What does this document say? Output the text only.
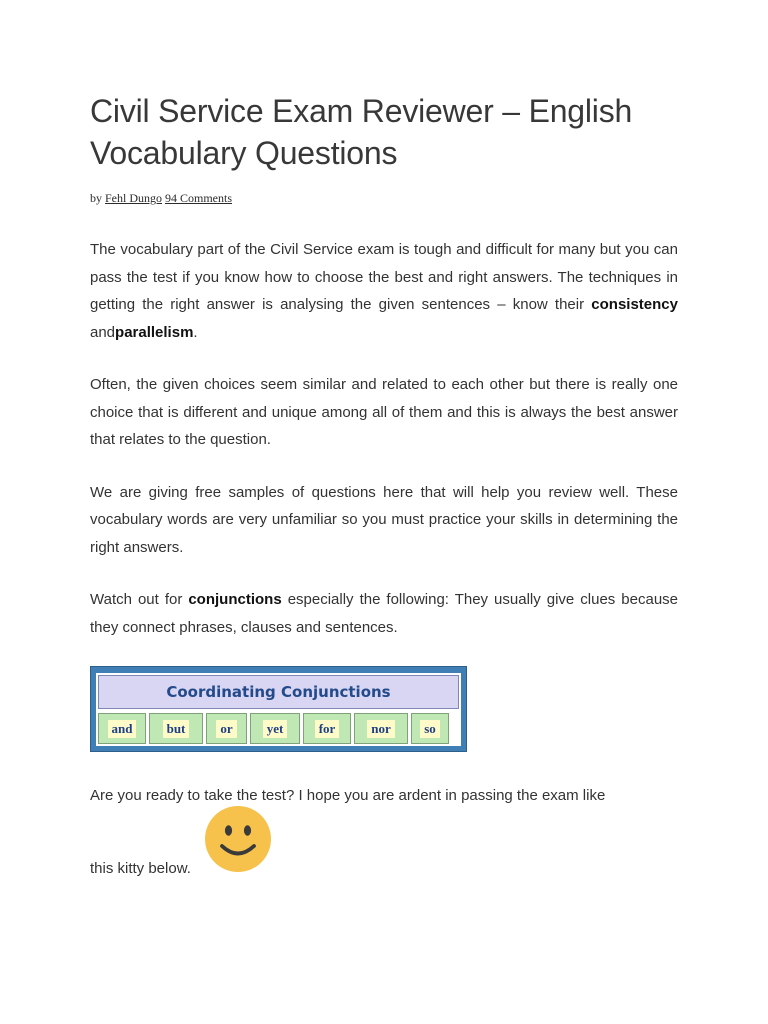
Civil Service Exam Reviewer – English Vocabulary Questions
by Fehl Dungo 94 Comments

The vocabulary part of the Civil Service exam is tough and difficult for many but you can pass the test if you know how to choose the best and right answers. The techniques in getting the right answer is analysing the given sentences – know their consistency andparallelism.

Often, the given choices seem similar and related to each other but there is really one choice that is different and unique among all of them and this is always the best answer that relates to the question.

We are giving free samples of questions here that will help you review well. These vocabulary words are very unfamiliar so you must practice your skills in determining the right answers.

Watch out for conjunctions especially the following: They usually give clues because they connect phrases, clauses and sentences.

Coordinating Conjunctions
and	but	or	yet	for	nor	so

Are you ready to take the test? I hope you are ardent in passing the exam like

this kitty below.
